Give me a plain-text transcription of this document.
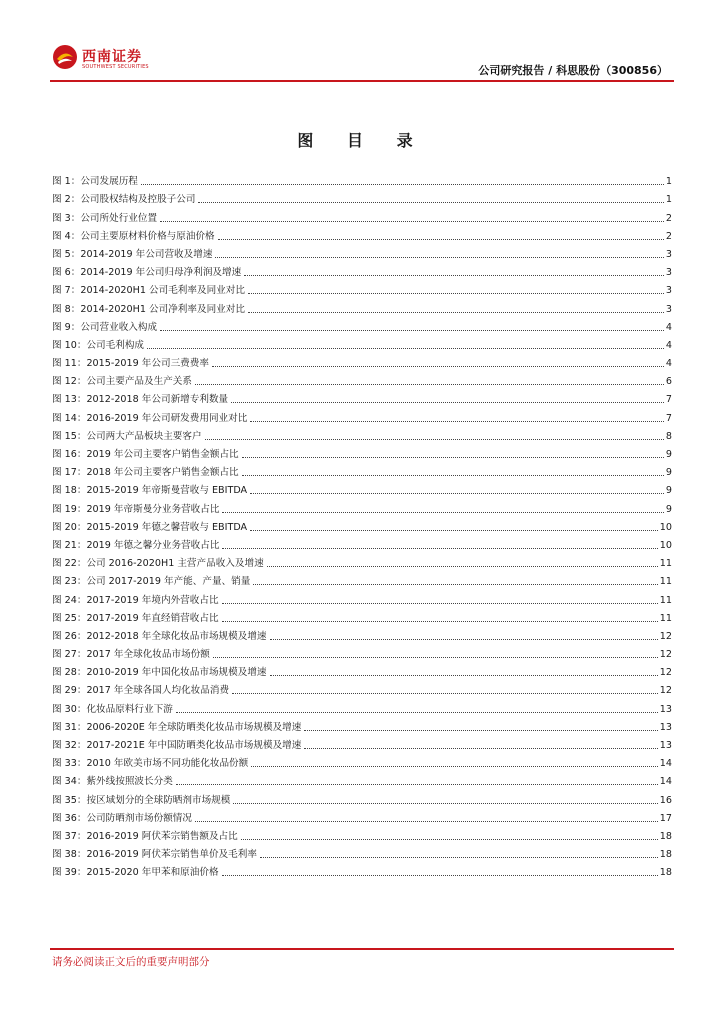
西南证券
SOUTHWEST SECURITIES	公司研究报告 / 科思股份（300856）
图 目 录
图 1：公司发展历程	1
图 2：公司股权结构及控股子公司	1
图 3：公司所处行业位置	2
图 4：公司主要原材料价格与原油价格	2
图 5：2014-2019 年公司营收及增速	3
图 6：2014-2019 年公司归母净利润及增速	3
图 7：2014-2020H1 公司毛利率及同业对比	3
图 8：2014-2020H1 公司净利率及同业对比	3
图 9：公司营业收入构成	4
图 10：公司毛利构成	4
图 11：2015-2019 年公司三费费率	4
图 12：公司主要产品及生产关系	6
图 13：2012-2018 年公司新增专利数量	7
图 14：2016-2019 年公司研发费用同业对比	7
图 15：公司两大产品板块主要客户	8
图 16：2019 年公司主要客户销售金额占比	9
图 17：2018 年公司主要客户销售金额占比	9
图 18：2015-2019 年帝斯曼营收与 EBITDA	9
图 19：2019 年帝斯曼分业务营收占比	9
图 20：2015-2019 年德之馨营收与 EBITDA	10
图 21：2019 年德之馨分业务营收占比	10
图 22：公司 2016-2020H1 主营产品收入及增速	11
图 23：公司 2017-2019 年产能、产量、销量	11
图 24：2017-2019 年境内外营收占比	11
图 25：2017-2019 年直经销营收占比	11
图 26：2012-2018 年全球化妆品市场规模及增速	12
图 27：2017 年全球化妆品市场份额	12
图 28：2010-2019 年中国化妆品市场规模及增速	12
图 29：2017 年全球各国人均化妆品消费	12
图 30：化妆品原料行业下游	13
图 31：2006-2020E 年全球防晒类化妆品市场规模及增速	13
图 32：2017-2021E 年中国防晒类化妆品市场规模及增速	13
图 33：2010 年欧美市场不同功能化妆品份额	14
图 34：紫外线按照波长分类	14
图 35：按区域划分的全球防晒剂市场规模	16
图 36：公司防晒剂市场份额情况	17
图 37：2016-2019 阿伏苯宗销售额及占比	18
图 38：2016-2019 阿伏苯宗销售单价及毛利率	18
图 39：2015-2020 年甲苯和原油价格	18
请务必阅读正文后的重要声明部分
